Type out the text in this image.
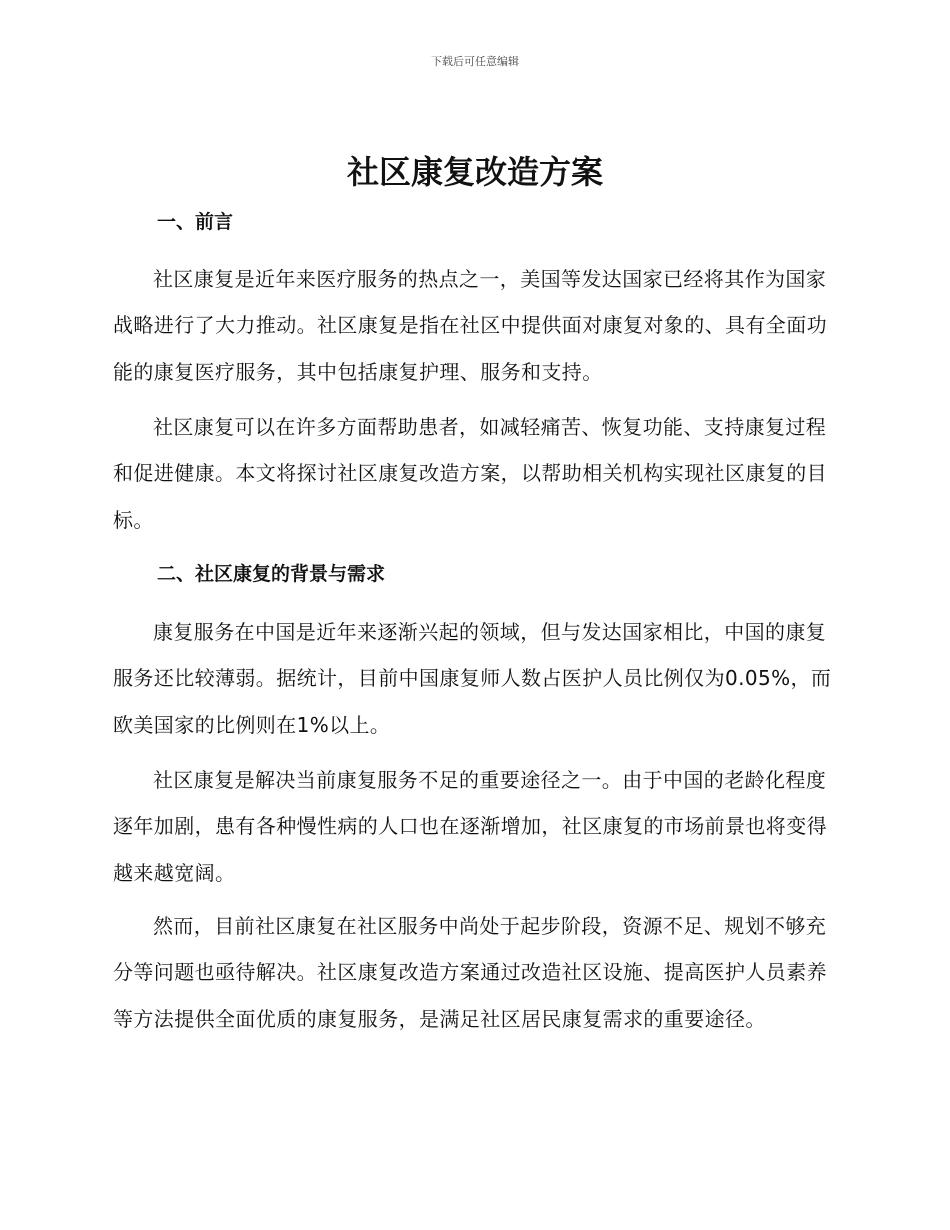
下载后可任意编辑
社区康复改造方案
一、前言

社区康复是近年来医疗服务的热点之一，美国等发达国家已经将其作为国家战略进行了大力推动。社区康复是指在社区中提供面对康复对象的、具有全面功能的康复医疗服务，其中包括康复护理、服务和支持。

社区康复可以在许多方面帮助患者，如减轻痛苦、恢复功能、支持康复过程和促进健康。本文将探讨社区康复改造方案，以帮助相关机构实现社区康复的目标。

二、社区康复的背景与需求

康复服务在中国是近年来逐渐兴起的领域，但与发达国家相比，中国的康复服务还比较薄弱。据统计，目前中国康复师人数占医护人员比例仅为0.05%，而欧美国家的比例则在1%以上。

社区康复是解决当前康复服务不足的重要途径之一。由于中国的老龄化程度逐年加剧，患有各种慢性病的人口也在逐渐增加，社区康复的市场前景也将变得越来越宽阔。

然而，目前社区康复在社区服务中尚处于起步阶段，资源不足、规划不够充分等问题也亟待解决。社区康复改造方案通过改造社区设施、提高医护人员素养等方法提供全面优质的康复服务，是满足社区居民康复需求的重要途径。
